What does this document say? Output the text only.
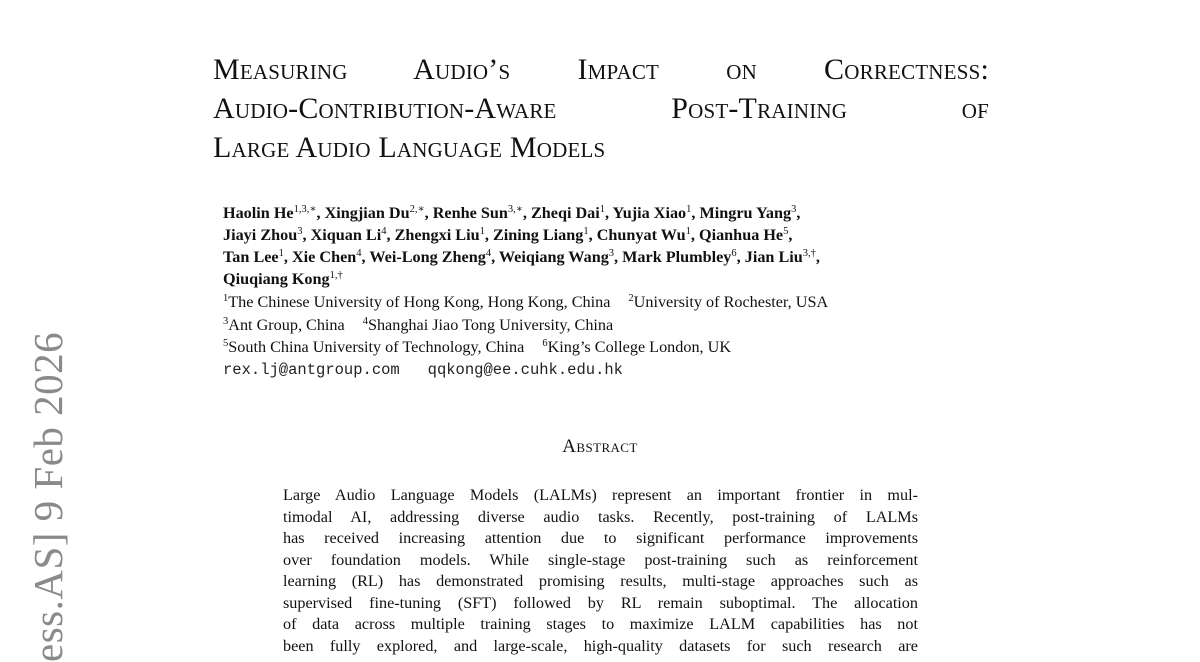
ess.AS] 9 Feb 2026
Measuring Audio’s Impact on Correctness:
Audio-Contribution-Aware Post-Training of
Large Audio Language Models
Haolin $He^{1,3,∗}$, Xingjian $Du^{2,∗}$, Renhe Sun$^{3,∗}$, Zheqi Dai$^1$, Yujia Xiao$^1$, Mingru Yang$^3$,
Jiayi Zhou$^3$, Xiquan Li$^4$, Zhengxi Liu$^1$, Zining Liang$^1$, Chunyat Wu$^1$, Qianhua He$^5$,
Tan Lee$^1$, Xie Chen$^4$, Wei-Long Zheng$^4$, Weiqiang Wang$^3$, Mark Plumbley$^6$, Jian Liu$^{3,\dagger}$,
Qiuqiang Kong$^{1,\dagger}$
$^1$The Chinese University of Hong Kong, Hong Kong, China $^2$University of Rochester, USA
$^3$Ant Group, China $^4$Shanghai Jiao Tong University, China
$^5$South China University of Technology, China $^6$King’s College London, UK
rex.lj@antgroup.com qqkong@ee.cuhk.edu.hk
Abstract
Large Audio Language Models (LALMs) represent an important frontier in mul-
timodal AI, addressing diverse audio tasks. Recently, post-training of LALMs
has received increasing attention due to significant performance improvements
over foundation models. While single-stage post-training such as reinforcement
learning (RL) has demonstrated promising results, multi-stage approaches such as
supervised fine-tuning (SFT) followed by RL remain suboptimal. The allocation
of data across multiple training stages to maximize LALM capabilities has not
been fully explored, and large-scale, high-quality datasets for such research are
